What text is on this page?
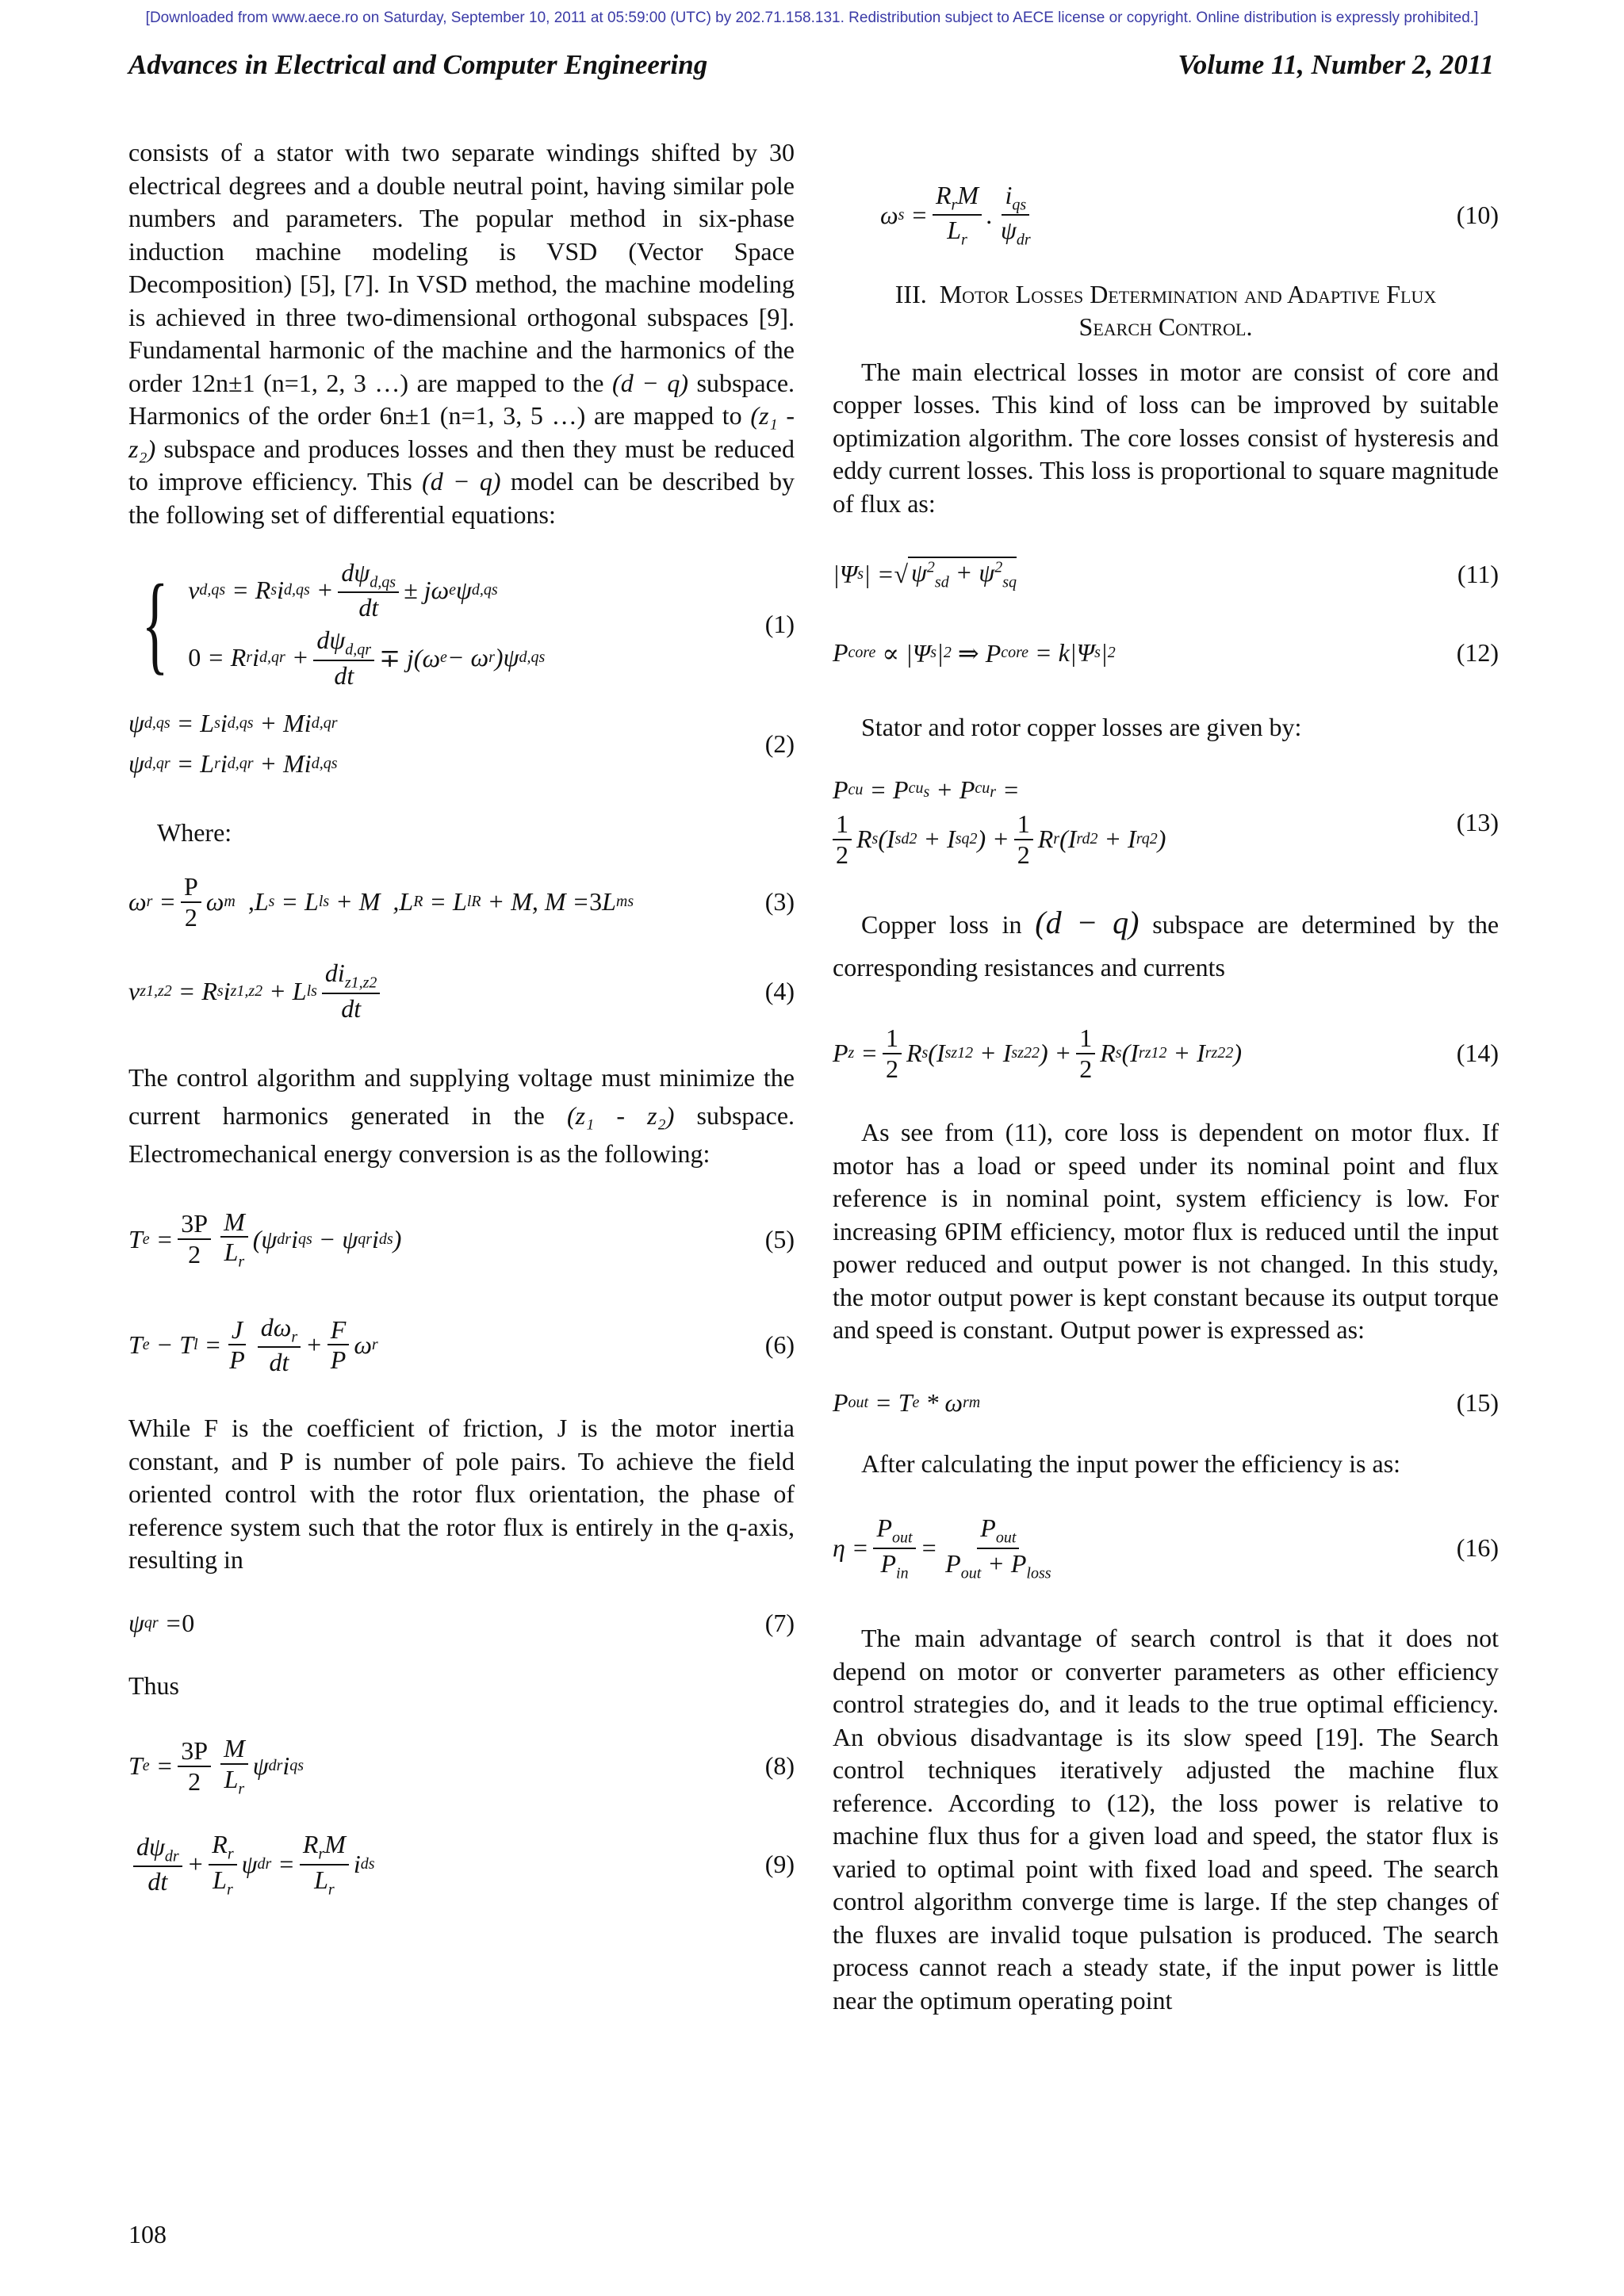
[Downloaded from www.aece.ro on Saturday, September 10, 2011 at 05:59:00 (UTC) by 202.71.158.131. Redistribution subject to AECE license or copyright. Online distribution is expressly prohibited.]
Advances in Electrical and Computer Engineering	Volume 11, Number 2, 2011

consists of a stator with two separate windings shifted by 30 electrical degrees and a double neutral point, having similar pole numbers and parameters. The popular method in six-phase induction machine modeling is VSD (Vector Space Decomposition) [5], [7]. In VSD method, the machine modeling is achieved in three two-dimensional orthogonal subspaces [9]. Fundamental harmonic of the machine and the harmonics of the order 12n±1 (n=1, 2, 3 …) are mapped to the (d − q) subspace. Harmonics of the order 6n±1 (n=1, 3, 5 …) are mapped to (z₁ - z₂) subspace and produces losses and then they must be reduced to improve efficiency. This (d − q) model can be described by the following set of differential equations:

{ v d,qs = R s i $d,qs + \frac{d\psi_{d,qs}}{dt} \pm j\omega$ e ψ d,qs
0 = R r i $d,qr + \frac{d\psi_{d,qr}}{dt} \mp j(\omega$ e − ω r )ψ d,qs
(1)
ψ d,qs = L s i d,qs + Mi d,qr
ψ d,qr = L r i d,qr + Mi d,qs
(2)

Where:

ω $r = \frac{P}{2}$ ω m ,L s = L ls + M  ,L R = L lR + M, M = 3 L ms	(3)
v z1,z2 = R s i z1,z2 + L ls $\frac{di_{z1,z2}}{dt}$	(4)

The control algorithm and supplying voltage must minimize the current harmonics generated in the (z₁ - z₂) subspace. Electromechanical energy conversion is as the following:

T $e = \frac{3P}{2} \frac{M}{L_r} (\psi$ dr i qs − ψ qr i ds )	(5)
T e − T $l = \frac{J}{P} \frac{d\omega_r}{dt} + \frac{F}{P}$ ω r	(6)

While F is the coefficient of friction, J is the motor inertia constant, and P is number of pole pairs. To achieve the field oriented control with the rotor flux orientation, the phase of reference system such that the rotor flux is entirely in the q-axis, resulting in

ψ qr = 0	(7)

Thus

T $e = \frac{3P}{2} \frac{M}{L_r}$ ψ dr i qs	(8)
$\frac{d\psi_{dr}}{dt} + \frac{R_r}{L_r}$ ψ dr = $\frac{R_rM}{L_r}$ i ds	(9)
ω $s = \frac{R_rM}{L_r}$ . $\frac{i_{qs}}{\psi_{dr}}$	(10)

III. Motor Losses Determination and Adaptive Flux

Search Control.

The main electrical losses in motor are consist of core and copper losses. This kind of loss can be improved by suitable optimization algorithm. The core losses consist of hysteresis and eddy current losses. This loss is proportional to square magnitude of flux as:

|Ψ s | = √ $\psi^2_{sd} + \psi^2_{sq}$	(11)
P core ∝ |Ψ s | 2 ⇒ P core = k|Ψ s | 2	(12)

Stator and rotor copper losses are given by:

P cu = P $cu_s + P$ $cu_r$ =
$\frac{1}{2}$ R s (I sd 2 + I sq 2 ) + $\frac{1}{2}$ R r (I rd 2 + I rq 2 )
(13)

Copper loss in (d − q) subspace are determined by the corresponding resistances and currents

P $z = \frac{1}{2}$ R s (I sz1 2 + I sz2 2 ) + $\frac{1}{2}$ R s (I rz1 2 + I rz2 2 )	(14)

As see from (11), core loss is dependent on motor flux. If motor has a load or speed under its nominal point and flux reference is in nominal point, system efficiency is low. For increasing 6PIM efficiency, motor flux is reduced until the input power reduced and output power is not changed. In this study, the motor output power is kept constant because its output torque and speed is constant. Output power is expressed as:

P out = T e * ω rm	(15)

After calculating the input power the efficiency is as:

$\eta = \frac{P_{out}}{P_{in}} = \frac{P_{out}}{P_{out} + P_{loss}}$	(16)

The main advantage of search control is that it does not depend on motor or converter parameters as other efficiency control strategies do, and it leads to the true optimal efficiency. An obvious disadvantage is its slow speed [19]. The Search control techniques iteratively adjusted the machine flux reference. According to (12), the loss power is relative to machine flux thus for a given load and speed, the stator flux is varied to optimal point with fixed load and speed. The search control algorithm converge time is large. If the step changes of the fluxes are invalid toque pulsation is produced. The search process cannot reach a steady state, if the input power is little near the optimum operating point

108
